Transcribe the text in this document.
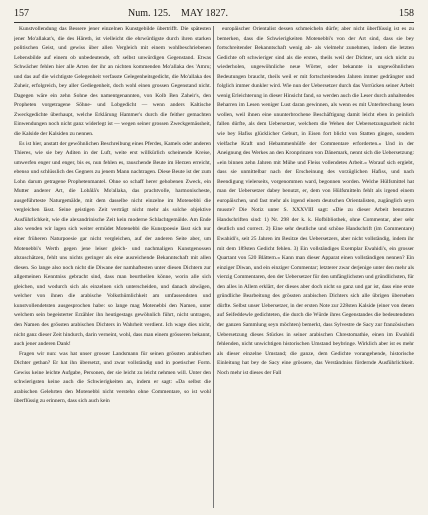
157	Num. 125. MAY 1827.	158

Kunstvollendung das Bessere jener einzelnen Kunstgebilde übertrifft. Die spätesten jener Mo'allakat's, die des Hâreth, ist vielleicht die ehrwürdigste durch ihren starken politischen Geist, und gewiss über allen Vergleich mit einem wohlbeschriebenen Lebensbilde auf einem ob unbedeutende, oft selbst unwürdigen Gegenstand. Etwas Schwächer fehlen hier alle Arten der ihr an nichten kommenden Mo'allaka des 'Amru; und das auf die wichtigste Gelegenheit verfasste Gelegenheitsgedicht, die Mo'allaka des Zuheir, erfolgreich, bey aller Gediegenheit, doch wohl einen grossen Gegenstand nicht. Dagegen wäre ein zehn Sohne des namentgenannten, von Kolb Ben Zaheir's, den Propheten vorgetragene Söhne- und Lobgedicht — wenn anders Kaltische Zweckgedichte überhaupt, welche Erklärung Hammer's durch die feither gemachten Einwendungen noch nicht ganz widerlegt ist — wegen seiner grossen Zweckgemässheit, die Kalside der Kalsiden zu nennen.

Es ist hier, anstatt der gewöhnlichen Beschreibung eines Pferdes, Kamels oder anderen Thieres, wie sie bey Aditen in der Luft, weite erst willkürlich scheinende Kreise, umwerfen enger und enger, bis es, nun fehlen es, rauschende Beute im Herzen erreicht, ebenso und schlüsslich des Gegners zu jenem Mann nachtragen. Diese Beute ist der zum Lohn darum getragene Prophetenmantel. Ohne so schaff herer gehobenen Zweck, ein Mutter anderer Art, die Lobâlâ's Mo'allaka, das prachtvolle, harmonischeste, ausgeführteste Naturgemälde, mit dem dasselbe nicht einzelne im Motenebbi die vergleichen lässt. Seine geistigen Zeit verträgt nicht mehr als solche objektive Ausführlichkeit, wie die alexandrinische Zeit kein moderne Schlachtgemälde. Am Ende also wenden wir lagen sich weiter ermüdet Motenebbi die Kunstpoesie lässt sich nur einer früheren Naturpoesie gar nicht vergleichen, auf der anderen Seite aber, um Motenebbi's Werth gegen jene leiser gleich- und nachmaligen Kunstgenossen abzuschätzen, fehlt uns nichts geringer als eine ausreichende Bekanntschaft mit allen diesen. So lange also noch nicht die Diwane der namhaftesten unter diesen Dichtern zur allgemeinen Kenntniss gebracht sind, dass man beurtheilen könne, worin alle sich gleichen, und wodurch sich als einzelnen sich unterscheiden, und danach abwägen, welcher von ihnen die arabische Volksthümlichkeit am umfassendsten und kunstvollendetsten ausgesprochen habe: so lange mag Motenebbi den Namen, unter welchem sein begeisterter Erzähler ihn heutigestags gewöhnlich führt, nicht untragen, den Namen des grössten arabischen Dichters in Wahrheit verdient. Ich wage dies nicht, nicht ganz dieser Zeit hindurch, darin verneint, wohl, dass man einem grösseren bekannt, auch jener anderen Dank!

Fragen wir nun: was hat unser grosser Landsmann für seinen grössten arabischen Dichter gethan? Er hat ihn übersetzt, und zwar vollständig und in poetischer Form. Gewiss keine leichte Aufgabe, Personen, der sie leicht zu leicht nehmen will. Unter den schwierigsten keine auch die Schwierigkeiten an, indem er sagt: »Da selbst die arabischen Gelehrten den Motenebbi nicht verstehn ohne Commentare, so ist wohl überflüssig zu erinnern, dass sich auch kein

europäischer Orientalist dessen schmeicheln dürfe; aber nicht überflüssig ist es zu bemerken, dass die Schwierigkeiten Motenebbi's von der Art sind, dass sie bey fortschreitender Bekanntschaft wenig ab- als vielmehr zunehmen, indem die letzten Gedichte oft schwieriger sind als die ersten, theils weil der Dichter, um sich nicht zu wiederholen, ungewöhnliche neue Wörter, oder bekannte in ungewöhnlichen Bedeutungen braucht, theils weil er mit fortschreitenden Jahren immer gedrängter und folglich immer dunkler wird. Wie nun der Uebersetzer durch das Vorrücken seiner Arbeit wenig Erleichterung in dieser Hinsicht fand, so werden auch die Leser durch anhaltendes Beharren im Lesen weniger Lust daran gewinnen, als wenn es mit Unterbrechung lesen wollen, weil ihnen eine ununterbrochene Beschäftigung damit leicht eben in peinlich fallen dürfte, als dem Uebersetzer, welchem die Wehen der Uebersetzungsarbeit nicht wie bey Hafiss glücklicher Geburt, in Eisen fort blickt von Statten gingen, sondern vielfache Kraft und Hebammenhülfe der Commentare erforderten.« Und in der Aneignung des Werkes an den Kronprinzen von Dänemark, nennt sich die Uebersetzung: »ein binnen zehn Jahren mit Mühe und Fleiss vollendetes Arbeit.« Worauf sich ergiebt, dass sie unmittelbar nach der Erscheinung des vorzüglichen Hafiss, und nach Beendigung vielerseits, vorgenommen ward, begonnen worden. Welche Hülfsmittel hat man der Uebersetzer dabey benutzt, er, dem von Hülfsmitteln fehlt als irgend einem europäischen, und fast mehr als irgend einem deutschen Orientalisten, zugänglich seyn musste? Die Notiz unter S. XXXVIII sagt: »Die zu dieser Arbeit benutzten Handschriften sind: 1) Nr. 298 der k. k. Hofbibliothek, ohne Commentar, aber sehr deutlich und correct. 2) Eine sehr deutliche und schöne Handschrift (im Commentare) Ewahidi's, seit 25 Jahren im Besitze des Uebersetzers, aber nicht vollständig, indem ihr mit dem 189sten Gedicht fehlen. 3) Ein vollständiges Exemplar Ewahidi's, ein grosser Quartant von 520 Blättern.« Kann man dieser Apparat einen vollständigen nennen? Ein einziger Diwan, und ein einziger Commentar; letzterer zwar derjenige unter den mehr als vierzig Commentaren, den der Uebersetzer für den umfänglichsten und gründlichsten, für den alles in Allem erklärt, der dieses aber doch nicht so ganz und gar ist, dass eine erste gründliche Bearbeitung des grössten arabischen Dichters sich alle übrigen übersehen dürfte. Selbst unser Uebersetzer, in der ersten Note zur 228sten Kalside (einer von denen auf Seifeddewle gedichteten, die durch die Würde ihres Gegenstandes die bedeutendsten der ganzen Sammlung seyn möchten) bemerkt, dass Sylvestre de Sacy zur französischen Uebersetzung dieses Stückes in seiner arabischen Chrestomathie, einen im Ewahidi fehlenden, nicht unwichtigen historischen Umstand beybringe. Wirklich aber ist es mehr als dieser einzelne Umstand; die ganze, dem Gedichte vorangehende, historische Einleitung hat bey de Sacy eine grössere, das Verständniss fördernde Ausführlichkeit. Noch mehr ist dieses der Fall
